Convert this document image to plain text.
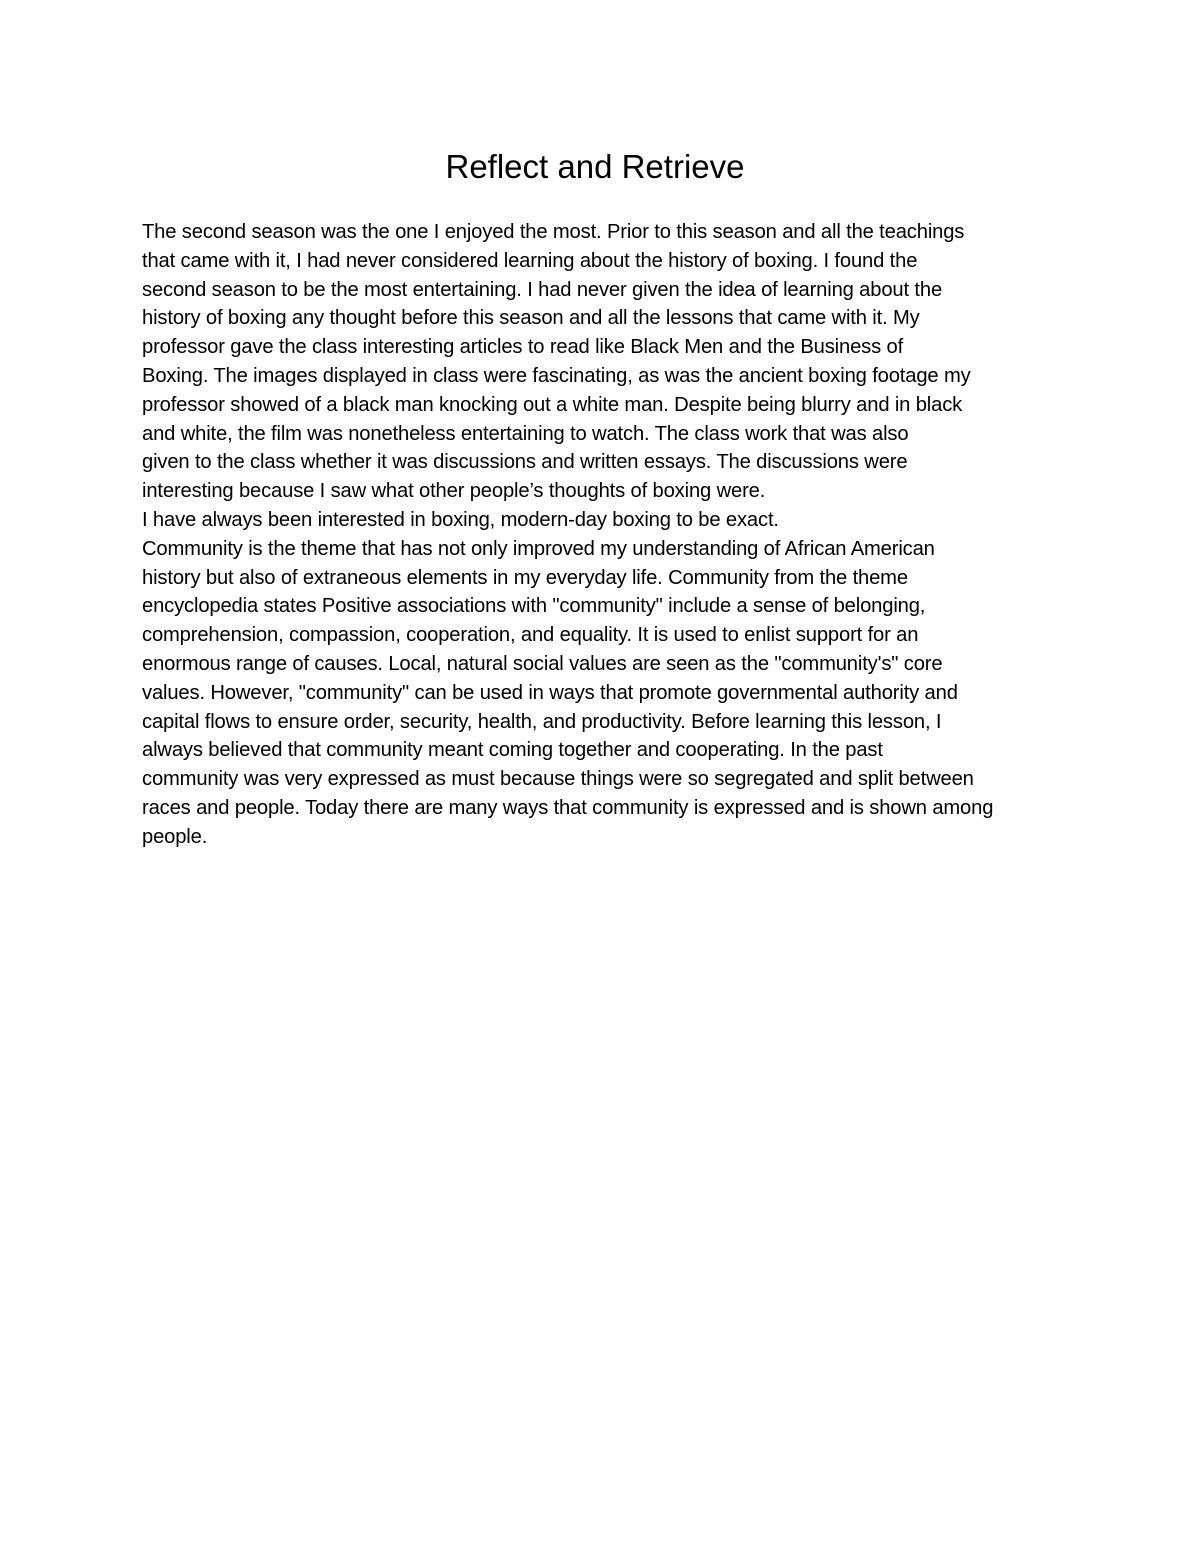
Reflect and Retrieve
The second season was the one I enjoyed the most. Prior to this season and all the teachings
that came with it, I had never considered learning about the history of boxing. I found the
second season to be the most entertaining. I had never given the idea of learning about the
history of boxing any thought before this season and all the lessons that came with it. My
professor gave the class interesting articles to read like Black Men and the Business of
Boxing. The images displayed in class were fascinating, as was the ancient boxing footage my
professor showed of a black man knocking out a white man. Despite being blurry and in black
and white, the film was nonetheless entertaining to watch. The class work that was also
given to the class whether it was discussions and written essays. The discussions were
interesting because I saw what other people’s thoughts of boxing were.
I have always been interested in boxing, modern-day boxing to be exact.
Community is the theme that has not only improved my understanding of African American
history but also of extraneous elements in my everyday life. Community from the theme
encyclopedia states Positive associations with "community" include a sense of belonging,
comprehension, compassion, cooperation, and equality. It is used to enlist support for an
enormous range of causes. Local, natural social values are seen as the "community's" core
values. However, "community" can be used in ways that promote governmental authority and
capital flows to ensure order, security, health, and productivity. Before learning this lesson, I
always believed that community meant coming together and cooperating. In the past
community was very expressed as must because things were so segregated and split between
races and people. Today there are many ways that community is expressed and is shown among
people.
